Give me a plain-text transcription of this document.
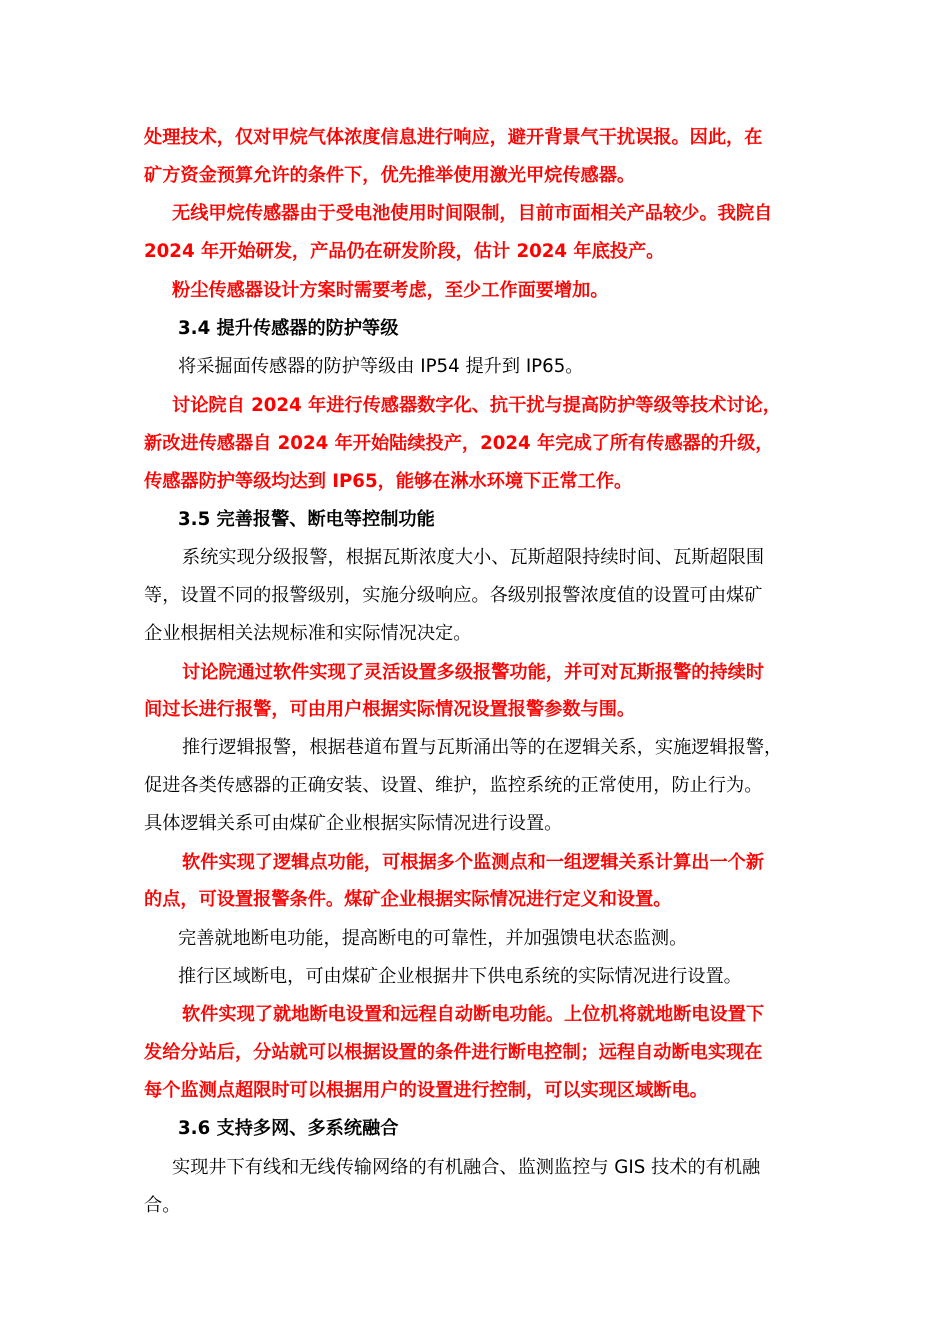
处理技术，仅对甲烷气体浓度信息进行响应，避开背景气干扰误报。因此，在
矿方资金预算允许的条件下，优先推举使用激光甲烷传感器。
无线甲烷传感器由于受电池使用时间限制，目前市面相关产品较少。我院自
2024 年开始研发，产品仍在研发阶段，估计 2024 年底投产。
粉尘传感器设计方案时需要考虑，至少工作面要增加。
3.4 提升传感器的防护等级
将采掘面传感器的防护等级由 IP54 提升到 IP65。
讨论院自 2024 年进行传感器数字化、抗干扰与提高防护等级等技术讨论，
新改进传感器自 2024 年开始陆续投产，2024 年完成了所有传感器的升级，
传感器防护等级均达到 IP65，能够在淋水环境下正常工作。
3.5 完善报警、断电等控制功能
系统实现分级报警，根据瓦斯浓度大小、瓦斯超限持续时间、瓦斯超限围
等，设置不同的报警级别，实施分级响应。各级别报警浓度值的设置可由煤矿
企业根据相关法规标准和实际情况决定。
讨论院通过软件实现了灵活设置多级报警功能，并可对瓦斯报警的持续时
间过长进行报警，可由用户根据实际情况设置报警参数与围。
推行逻辑报警，根据巷道布置与瓦斯涌出等的在逻辑关系，实施逻辑报警，
促进各类传感器的正确安装、设置、维护，监控系统的正常使用，防止行为。
具体逻辑关系可由煤矿企业根据实际情况进行设置。
软件实现了逻辑点功能，可根据多个监测点和一组逻辑关系计算出一个新
的点，可设置报警条件。煤矿企业根据实际情况进行定义和设置。
完善就地断电功能，提高断电的可靠性，并加强馈电状态监测。
推行区域断电，可由煤矿企业根据井下供电系统的实际情况进行设置。
软件实现了就地断电设置和远程自动断电功能。上位机将就地断电设置下
发给分站后，分站就可以根据设置的条件进行断电控制；远程自动断电实现在
每个监测点超限时可以根据用户的设置进行控制，可以实现区域断电。
3.6 支持多网、多系统融合
实现井下有线和无线传输网络的有机融合、监测监控与 GIS 技术的有机融
合。
